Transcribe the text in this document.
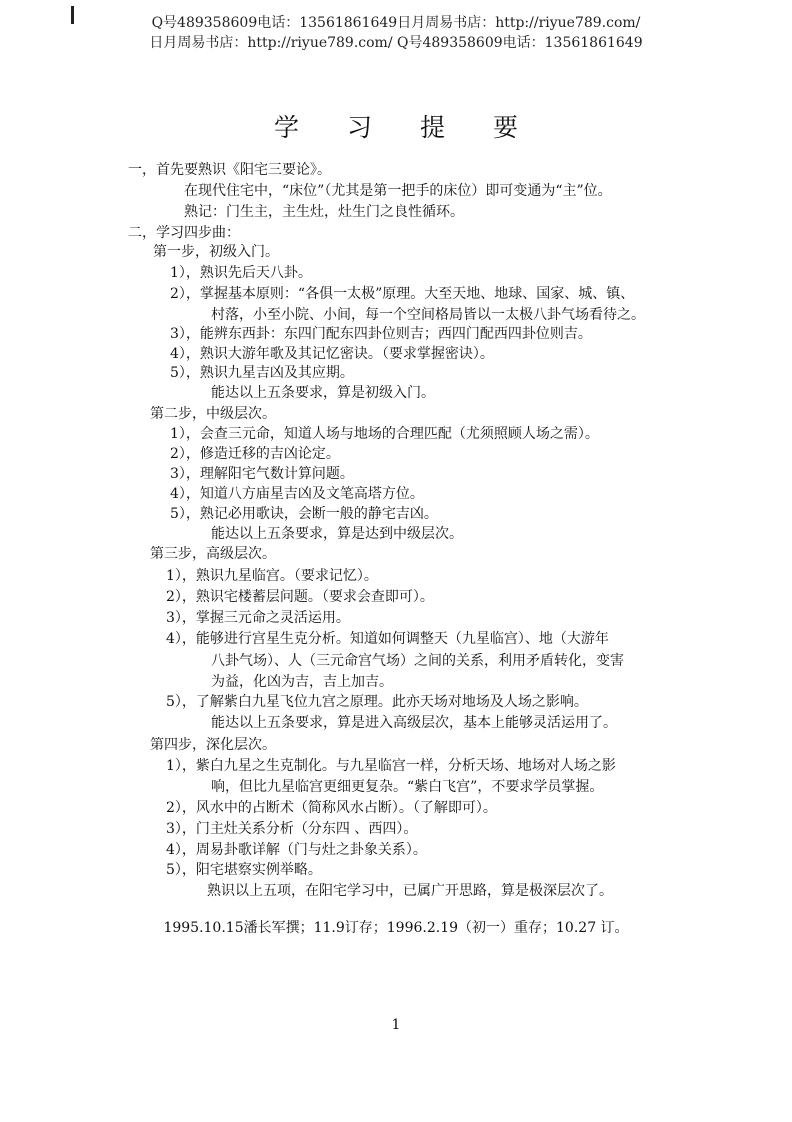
Q号489358609电话：13561861649日月周易书店：http://riyue789.com/
日月周易书店：http://riyue789.com/ Q号489358609电话：13561861649
学习提要
一，首先要熟识《阳宅三要论》。
在现代住宅中，“床位”（尤其是第一把手的床位）即可变通为“主”位。
熟记：门生主，主生灶，灶生门之良性循环。
二，学习四步曲：
第一步，初级入门。
1），熟识先后天八卦。
2），掌握基本原则：“各俱一太极”原理。大至天地、地球、国家、城、镇、
村落，小至小院、小间，每一个空间格局皆以一太极八卦气场看待之。
3），能辨东西卦：东四门配东四卦位则吉；西四门配西四卦位则吉。
4），熟识大游年歌及其记忆密诀。（要求掌握密诀）。
5），熟识九星吉凶及其应期。
能达以上五条要求，算是初级入门。
第二步，中级层次。
1），会查三元命，知道人场与地场的合理匹配（尤须照顾人场之需）。
2），修造迁移的吉凶论定。
3），理解阳宅气数计算问题。
4），知道八方庙星吉凶及文笔高塔方位。
5），熟记必用歌诀，会断一般的静宅吉凶。
能达以上五条要求，算是达到中级层次。
第三步，高级层次。
1），熟识九星临宫。（要求记忆）。
2），熟识宅楼蓄层问题。（要求会查即可）。
3），掌握三元命之灵活运用。
4），能够进行宫星生克分析。知道如何调整天（九星临宫）、地（大游年
八卦气场）、人（三元命宫气场）之间的关系，利用矛盾转化，变害
为益，化凶为吉，吉上加吉。
5），了解紫白九星飞位九宫之原理。此亦天场对地场及人场之影响。
能达以上五条要求，算是进入高级层次，基本上能够灵活运用了。
第四步，深化层次。
1），紫白九星之生克制化。与九星临宫一样，分析天场、地场对人场之影
响，但比九星临宫更细更复杂。“紫白飞宫”，不要求学员掌握。
2），风水中的占断术（简称风水占断）。（了解即可）。
3），门主灶关系分析（分东四 、西四）。
4），周易卦歌详解（门与灶之卦象关系）。
5），阳宅堪察实例举略。
熟识以上五项，在阳宅学习中，已属广开思路，算是极深层次了。
1995.10.15潘长军撰；11.9订存；1996.2.19（初一）重存；10.27 订。
1
